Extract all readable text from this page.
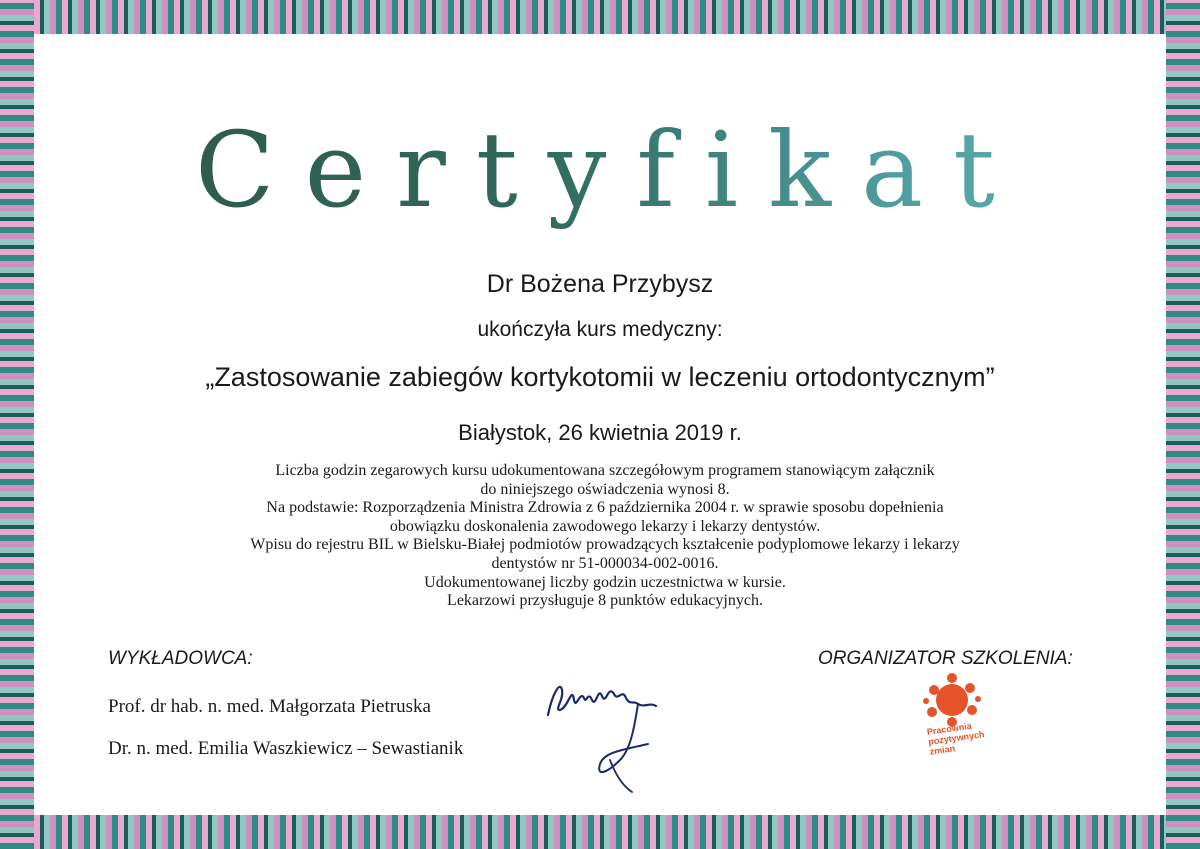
Certyfikat
Dr Bożena Przybysz
ukończyła kurs medyczny:
„Zastosowanie zabiegów kortykotomii w leczeniu ortodontycznym”
Białystok, 26 kwietnia 2019 r.
Liczba godzin zegarowych kursu udokumentowana szczegółowym programem stanowiącym załącznik
do niniejszego oświadczenia wynosi 8.
Na podstawie: Rozporządzenia Ministra Zdrowia z 6 października 2004 r. w sprawie sposobu dopełnienia
obowiązku doskonalenia zawodowego lekarzy i lekarzy dentystów.
Wpisu do rejestru BIL w Bielsku-Białej podmiotów prowadzących kształcenie podyplomowe lekarzy i lekarzy
dentystów nr 51-000034-002-0016.
Udokumentowanej liczby godzin uczestnictwa w kursie.
Lekarzowi przysługuje 8 punktów edukacyjnych.
WYKŁADOWCA:	ORGANIZATOR SZKOLENIA:
Prof. dr hab. n. med. Małgorzata Pietruska
Dr. n. med. Emilia Waszkiewicz – Sewastianik
Pracownia pozytywnych zmian
